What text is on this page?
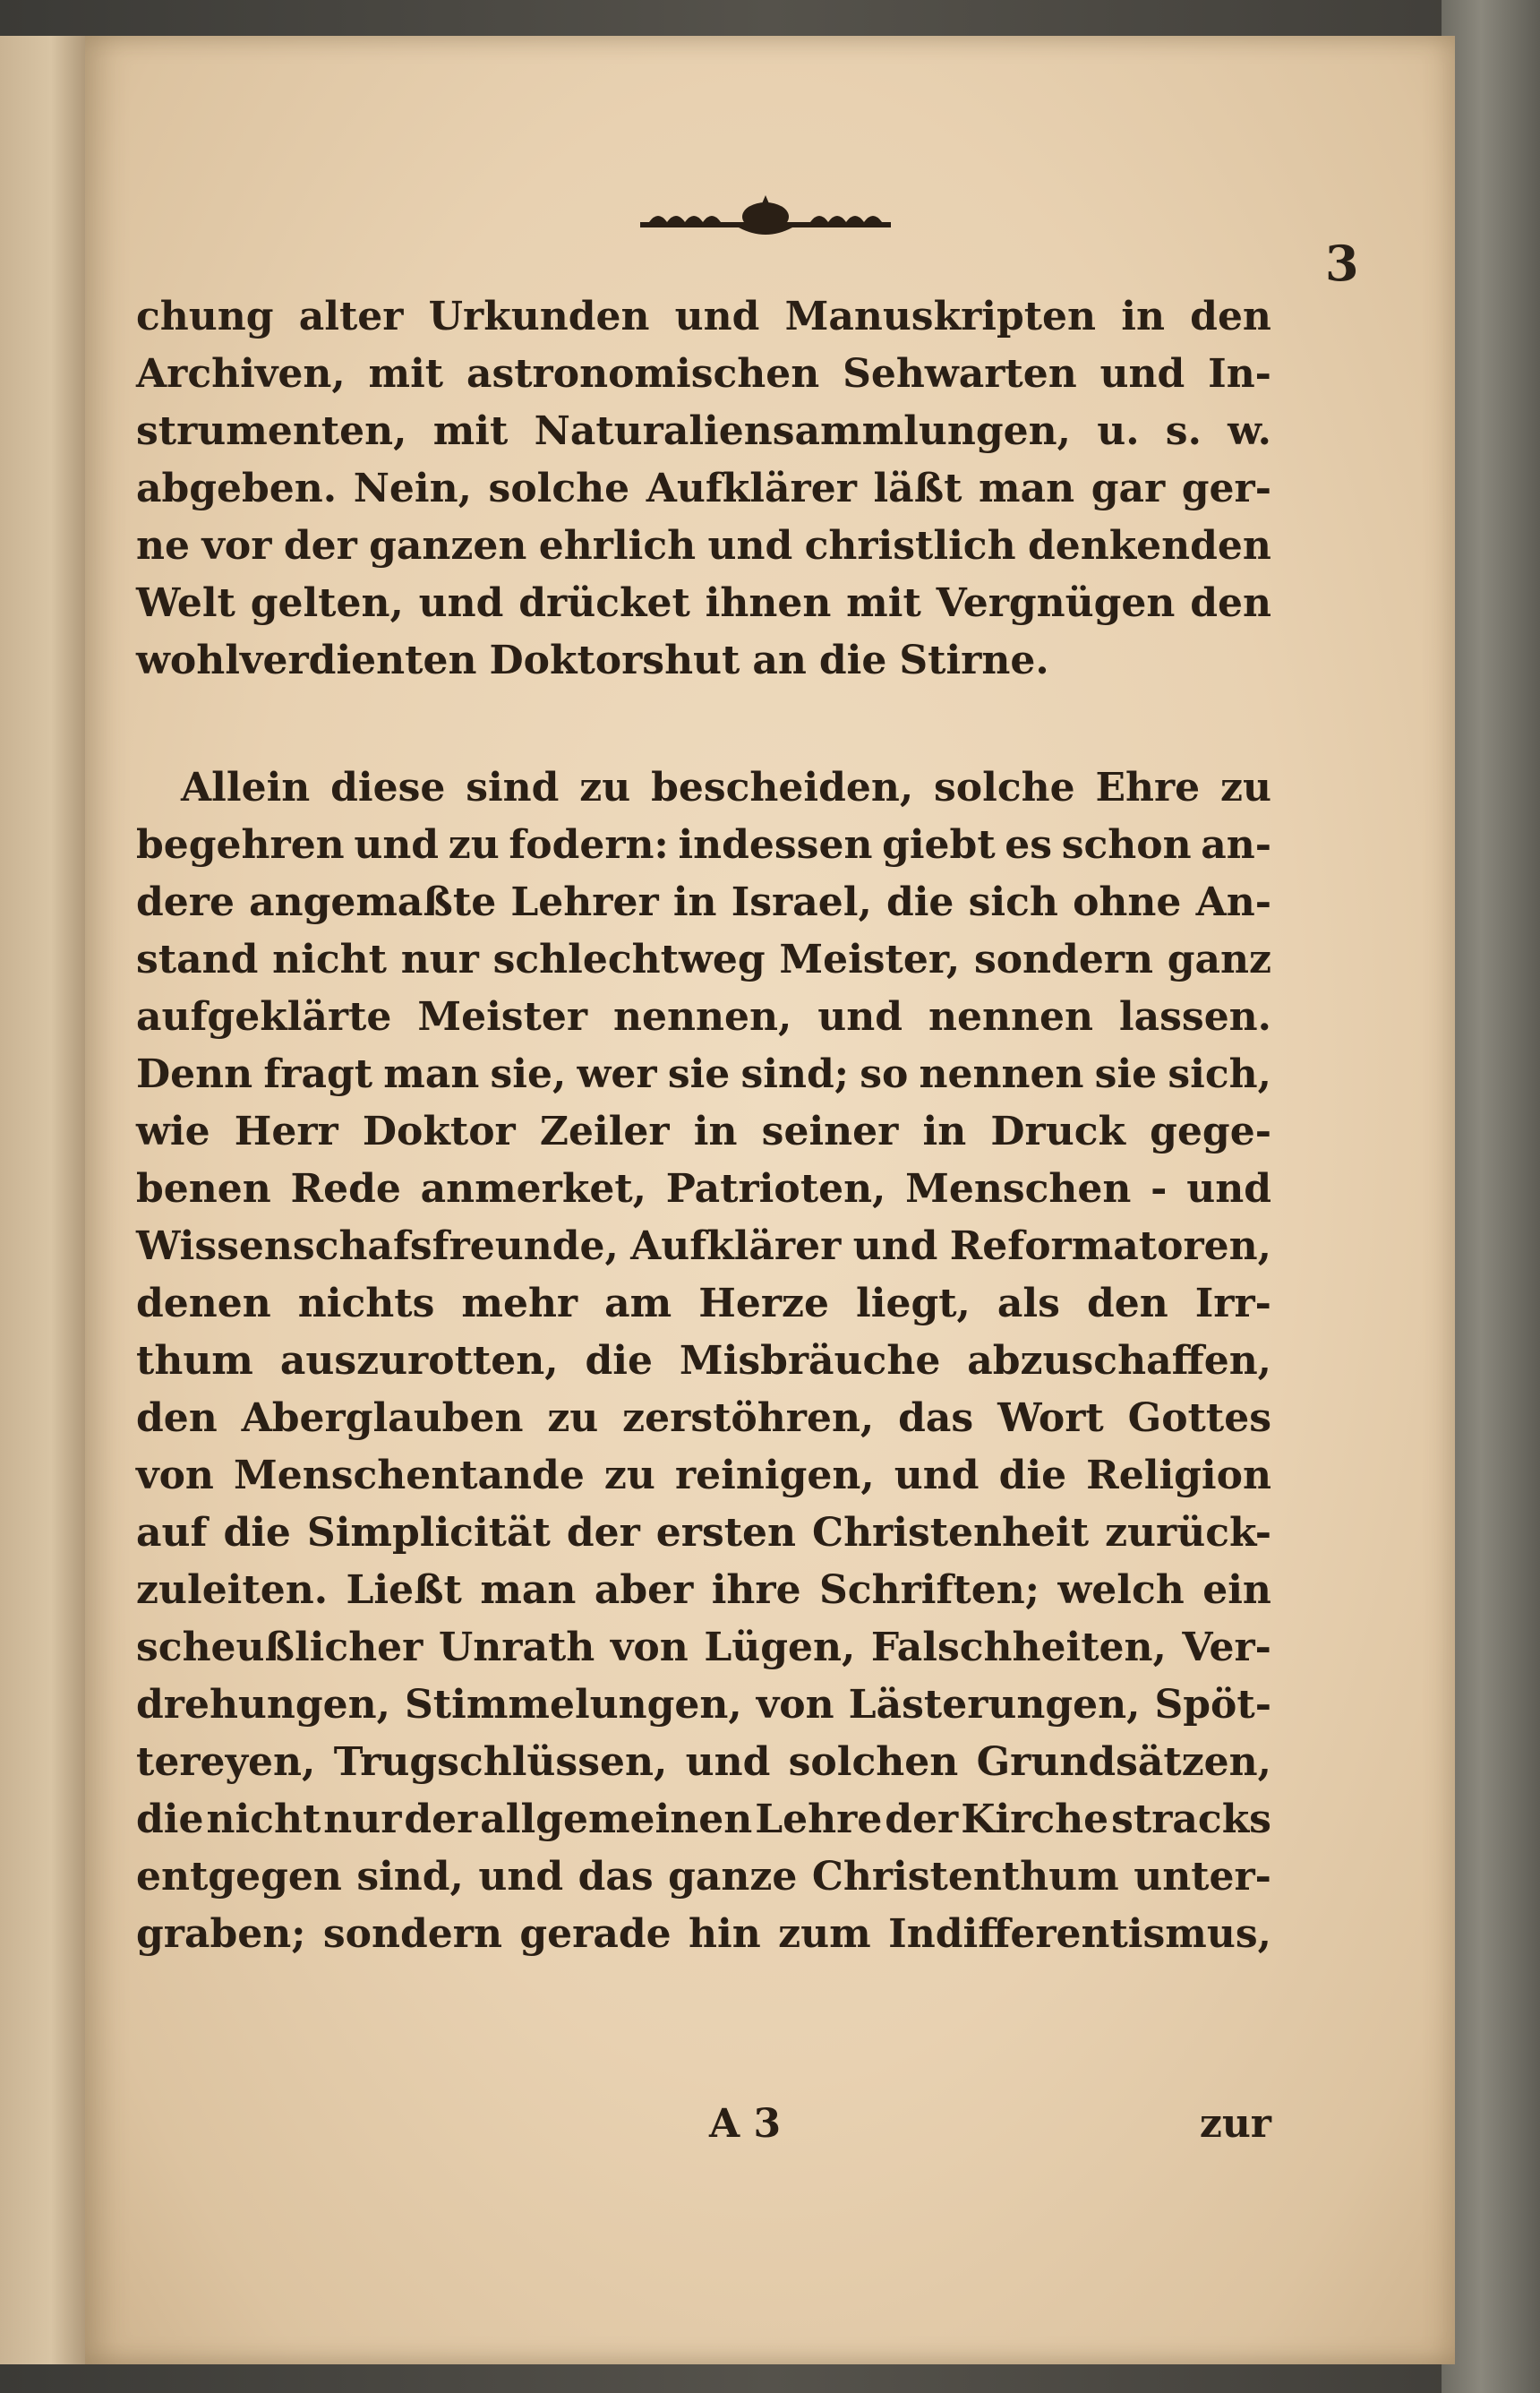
3
chung alter Urkunden und Manuskripten in den
Archiven, mit astronomischen Sehwarten und In-
strumenten, mit Naturaliensammlungen, u. s. w.
abgeben. Nein, solche Aufklärer läßt man gar ger-
ne vor der ganzen ehrlich und christlich denkenden
Welt gelten, und drücket ihnen mit Vergnügen den
wohlverdienten Doktorshut an die Stirne.
Allein diese sind zu bescheiden, solche Ehre zu
begehren und zu fodern: indessen giebt es schon an-
dere angemaßte Lehrer in Israel, die sich ohne An-
stand nicht nur schlechtweg Meister, sondern ganz
aufgeklärte Meister nennen, und nennen lassen.
Denn fragt man sie, wer sie sind; so nennen sie sich,
wie Herr Doktor Zeiler in seiner in Druck gege-
benen Rede anmerket, Patrioten, Menschen - und
Wissenschafsfreunde, Aufklärer und Reformatoren,
denen nichts mehr am Herze liegt, als den Irr-
thum auszurotten, die Misbräuche abzuschaffen,
den Aberglauben zu zerstöhren, das Wort Gottes
von Menschentande zu reinigen, und die Religion
auf die Simplicität der ersten Christenheit zurück-
zuleiten. Ließt man aber ihre Schriften; welch ein
scheußlicher Unrath von Lügen, Falschheiten, Ver-
drehungen, Stimmelungen, von Lästerungen, Spöt-
tereyen, Trugschlüssen, und solchen Grundsätzen,
die nicht nur der allgemeinen Lehre der Kirche stracks
entgegen sind, und das ganze Christenthum unter-
graben; sondern gerade hin zum Indifferentismus,
A 3	zur
